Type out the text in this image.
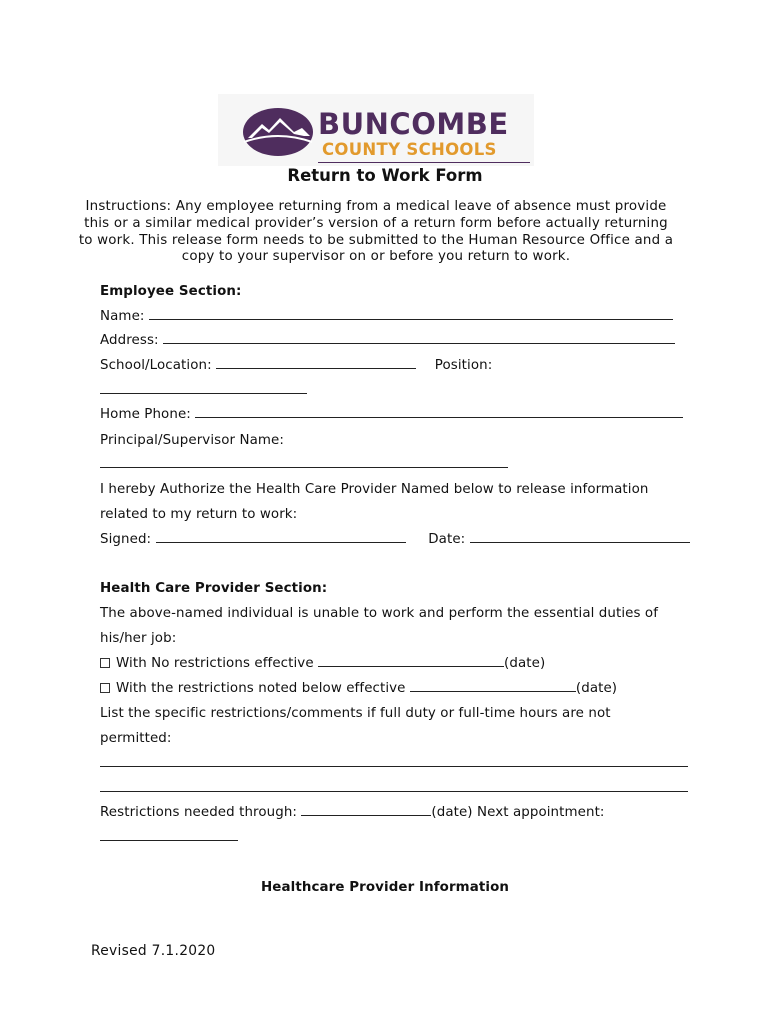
BUNCOMBE
COUNTY SCHOOLS
Return to Work Form
Instructions: Any employee returning from a medical leave of absence must provide this or a similar medical provider’s version of a return form before actually returning to work. This release form needs to be submitted to the Human Resource Office and a copy to your supervisor on or before you return to work.
Employee Section:
Name:
Address:
School/Location:	Position:
Home Phone:
Principal/Supervisor Name:
I hereby Authorize the Health Care Provider Named below to release information
related to my return to work:
Signed:	Date:
Health Care Provider Section:
The above-named individual is unable to work and perform the essential duties of
his/her job:
With No restrictions effective	(date)
With the restrictions noted below effective	(date)
List the specific restrictions/comments if full duty or full-time hours are not
permitted:
Restrictions needed through:	(date) Next appointment:
Healthcare Provider Information
Revised 7.1.2020
